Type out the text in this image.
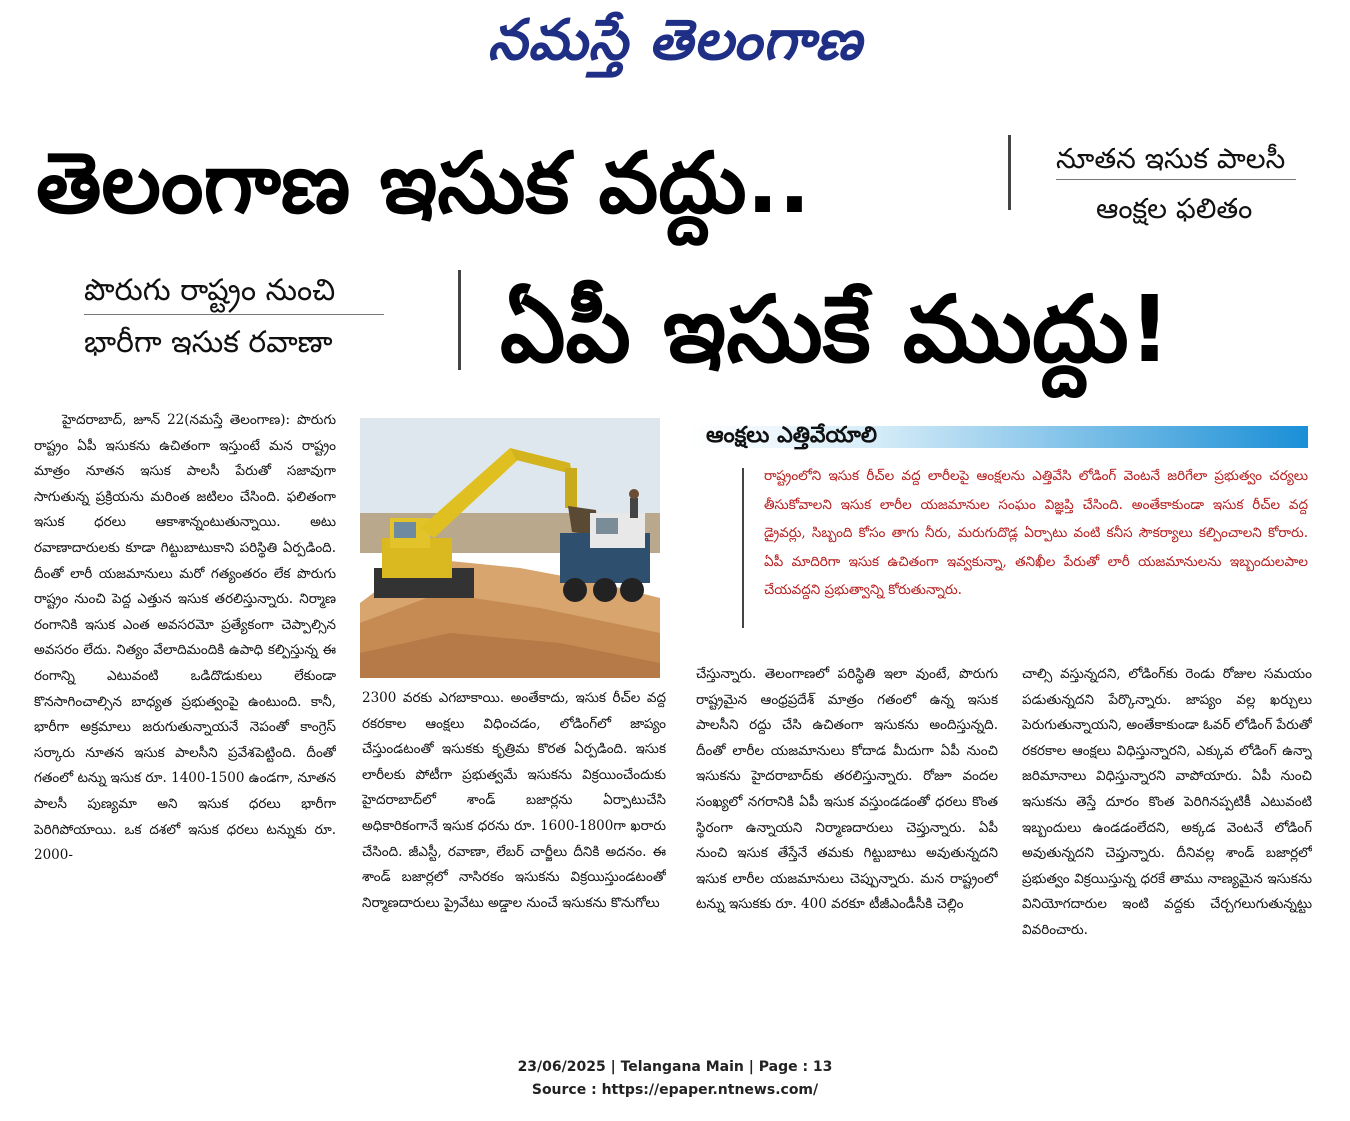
నమస్తే తెలంగాణ
తెలంగాణ ఇసుక వద్దు..	నూతన ఇసుక పాలసీ
ఆంక్షల ఫలితం
పొరుగు రాష్ట్రం నుంచి
భారీగా ఇసుక రవాణా ఏపీ ఇసుకే ముద్దు!

హైదరాబాద్, జూన్ 22(నమస్తే తెలంగాణ): పొరుగు రాష్ట్రం ఏపీ ఇసుకను ఉచితంగా ఇస్తుంటే మన రాష్ట్రం మాత్రం నూతన ఇసుక పాలసీ పేరుతో సజావుగా సాగుతున్న ప్రక్రియను మరింత జటిలం చేసింది. ఫలితంగా ఇసుక ధరలు ఆకాశాన్నంటుతున్నాయి. అటు రవాణాదారులకు కూడా గిట్టుబాటుకాని పరిస్థితి ఏర్పడింది. దీంతో లారీ యజమానులు మరో గత్యంతరం లేక పొరుగు రాష్ట్రం నుంచి పెద్ద ఎత్తున ఇసుక తరలిస్తున్నారు. నిర్మాణ రంగానికి ఇసుక ఎంత అవసరమో ప్రత్యేకంగా చెప్పాల్సిన అవసరం లేదు. నిత్యం వేలాదిమందికి ఉపాధి కల్పిస్తున్న ఈ రంగాన్ని ఎటువంటి ఒడిదొడుకులు లేకుండా కొనసాగించాల్సిన బాధ్యత ప్రభుత్వంపై ఉంటుంది. కానీ, భారీగా అక్రమాలు జరుగుతున్నాయనే నెపంతో కాంగ్రెస్ సర్కారు నూతన ఇసుక పాలసీని ప్రవేశపెట్టింది. దీంతో గతంలో టన్ను ఇసుక రూ. 1400-1500 ఉండగా, నూతన పాలసీ పుణ్యమా అని ఇసుక ధరలు భారీగా పెరిగిపోయాయి. ఒక దశలో ఇసుక ధరలు టన్నుకు రూ. 2000-

2300 వరకు ఎగబాకాయి. అంతేకాదు, ఇసుక రీచ్‌ల వద్ద రకరకాల ఆంక్షలు విధించడం, లోడింగ్‌లో జాప్యం చేస్తుండటంతో ఇసుకకు కృత్రిమ కొరత ఏర్పడింది. ఇసుక లారీలకు పోటీగా ప్రభుత్వమే ఇసుకను విక్రయించేందుకు హైదరాబాద్‌లో శాండ్ బజార్లను ఏర్పాటుచేసి అధికారికంగానే ఇసుక ధరను రూ. 1600-1800గా ఖరారు చేసింది. జీఎస్టీ, రవాణా, లేబర్ చార్జీలు దీనికి అదనం. ఈ శాండ్ బజార్లలో నాసిరకం ఇసుకను విక్రయిస్తుండటంతో నిర్మాణదారులు ప్రైవేటు అడ్డాల నుంచే ఇసుకను కొనుగోలు

ఆంక్షలు ఎత్తివేయాలి
రాష్ట్రంలోని ఇసుక రీచ్‌ల వద్ద లారీలపై ఆంక్షలను ఎత్తివేసి లోడింగ్ వెంటనే జరిగేలా ప్రభుత్వం చర్యలు తీసుకోవాలని ఇసుక లారీల యజమానుల సంఘం విజ్ఞప్తి చేసింది. అంతేకాకుండా ఇసుక రీచ్‌ల వద్ద డ్రైవర్లు, సిబ్బంది కోసం తాగు నీరు, మరుగుదొడ్ల ఏర్పాటు వంటి కనీస సౌకర్యాలు కల్పించాలని కోరారు. ఏపీ మాదిరిగా ఇసుక ఉచితంగా ఇవ్వకున్నా, తనిఖీల పేరుతో లారీ యజమానులను ఇబ్బందులపాల చేయవద్దని ప్రభుత్వాన్ని కోరుతున్నారు.

చేస్తున్నారు. తెలంగాణలో పరిస్థితి ఇలా వుంటే, పొరుగు రాష్ట్రమైన ఆంధ్రప్రదేశ్ మాత్రం గతంలో ఉన్న ఇసుక పాలసీని రద్దు చేసి ఉచితంగా ఇసుకను అందిస్తున్నది. దీంతో లారీల యజమానులు కోదాడ మీదుగా ఏపీ నుంచి ఇసుకను హైదరాబాద్‌కు తరలిస్తున్నారు. రోజూ వందల సంఖ్యలో నగరానికి ఏపీ ఇసుక వస్తుండడంతో ధరలు కొంత స్థిరంగా ఉన్నాయని నిర్మాణదారులు చెప్తున్నారు. ఏపీ నుంచి ఇసుక తేస్తేనే తమకు గిట్టుబాటు అవుతున్నదని ఇసుక లారీల యజమానులు చెప్పున్నారు. మన రాష్ట్రంలో టన్ను ఇసుకకు రూ. 400 వరకూ టీజీఎండీసీకి చెల్లిం

చాల్సి వస్తున్నదని, లోడింగ్‌కు రెండు రోజుల సమయం పడుతున్నదని పేర్కొన్నారు. జాప్యం వల్ల ఖర్చులు పెరుగుతున్నాయని, అంతేకాకుండా ఓవర్ లోడింగ్ పేరుతో రకరకాల ఆంక్షలు విధిస్తున్నారని, ఎక్కువ లోడింగ్ ఉన్నా జరిమానాలు విధిస్తున్నారని వాపోయారు. ఏపీ నుంచి ఇసుకను తెస్తే దూరం కొంత పెరిగినప్పటికీ ఎటువంటి ఇబ్బందులు ఉండడంలేదని, అక్కడ వెంటనే లోడింగ్ అవుతున్నదని చెప్తున్నారు. దీనివల్ల శాండ్ బజార్లలో ప్రభుత్వం విక్రయిస్తున్న ధరకే తాము నాణ్యమైన ఇసుకను వినియోగదారుల ఇంటి వద్దకు చేర్చగలుగుతున్నట్టు వివరించారు.

23/06/2025 | Telangana Main | Page : 13
Source : https://epaper.ntnews.com/
